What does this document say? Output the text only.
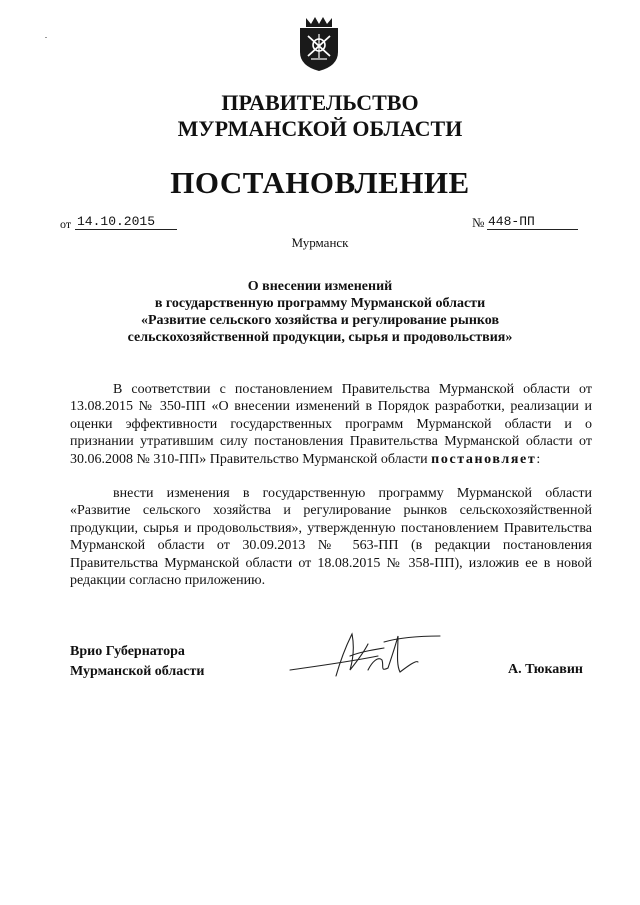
ПРАВИТЕЛЬСТВО
МУРМАНСКОЙ ОБЛАСТИ
ПОСТАНОВЛЕНИЕ
от 14.10.2015	№ 448-ПП
Мурманск
О внесении изменений
в государственную программу Мурманской области
«Развитие сельского хозяйства и регулирование рынков
сельскохозяйственной продукции, сырья и продовольствия»
В соответствии с постановлением Правительства Мурманской области от 13.08.2015 № 350-ПП «О внесении изменений в Порядок разработки, реализации и оценки эффективности государственных программ Мурманской области и о признании утратившим силу постановления Правительства Мурманской области от 30.06.2008 № 310-ПП» Правительство Мурманской области постановляет:
внести изменения в государственную программу Мурманской области «Развитие сельского хозяйства и регулирование рынков сельскохозяйственной продукции, сырья и продовольствия», утвержденную постановлением Правительства Мурманской области от 30.09.2013 № 563-ПП (в редакции постановления Правительства Мурманской области от 18.08.2015 № 358-ПП), изложив ее в новой редакции согласно приложению.
Врио Губернатора
Мурманской области	А. Тюкавин
